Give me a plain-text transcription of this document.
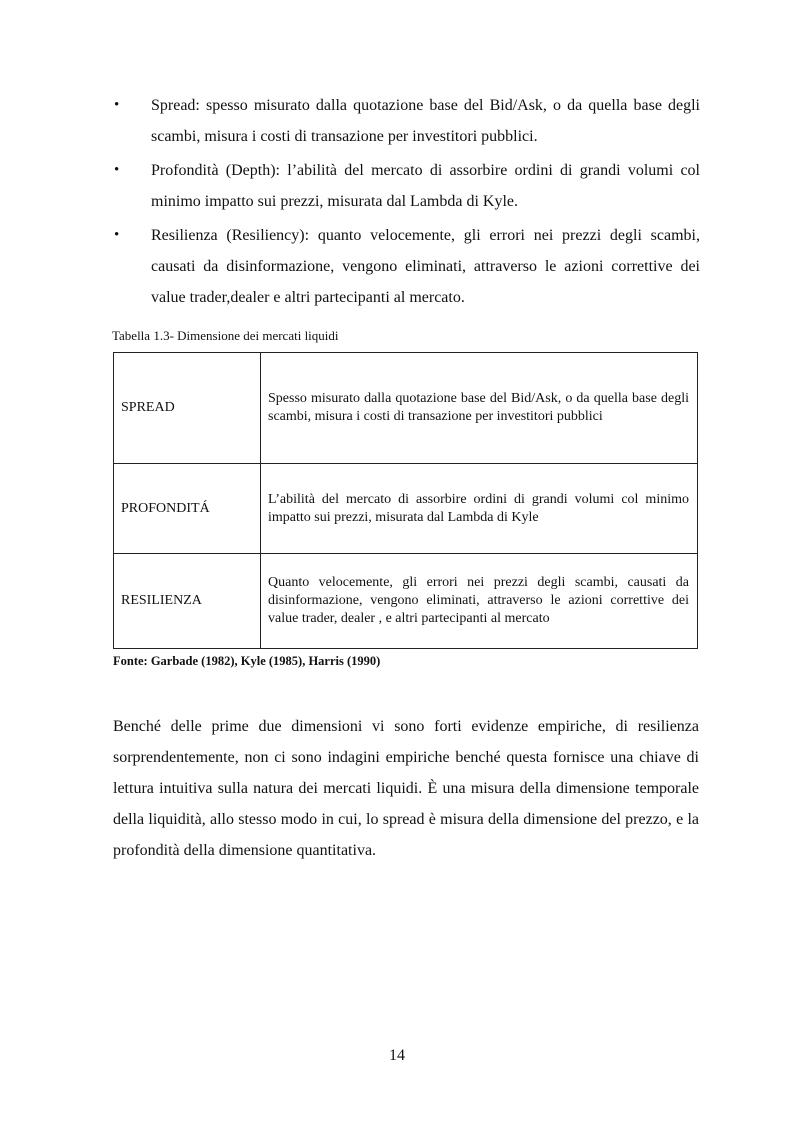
• Spread: spesso misurato dalla quotazione base del Bid/Ask, o da quella base degli scambi, misura i costi di transazione per investitori pubblici.
• Profondità (Depth): l’abilità del mercato di assorbire ordini di grandi volumi col minimo impatto sui prezzi, misurata dal Lambda di Kyle.
• Resilienza (Resiliency): quanto velocemente, gli errori nei prezzi degli scambi, causati da disinformazione, vengono eliminati, attraverso le azioni correttive dei value trader,dealer e altri partecipanti al mercato.
Tabella 1.3- Dimensione dei mercati liquidi
SPREAD	Spesso misurato dalla quotazione base del Bid/Ask, o da quella base degli scambi, misura i costi di transazione per investitori pubblici
PROFONDITÁ	L’abilità del mercato di assorbire ordini di grandi volumi col minimo impatto sui prezzi, misurata dal Lambda di Kyle
RESILIENZA	Quanto velocemente, gli errori nei prezzi degli scambi, causati da disinformazione, vengono eliminati, attraverso le azioni correttive dei value trader, dealer , e altri partecipanti al mercato
Fonte: Garbade (1982), Kyle (1985), Harris (1990)

Benché delle prime due dimensioni vi sono forti evidenze empiriche, di resilienza sorprendentemente, non ci sono indagini empiriche benché questa fornisce una chiave di lettura intuitiva sulla natura dei mercati liquidi. È una misura della dimensione temporale della liquidità, allo stesso modo in cui, lo spread è misura della dimensione del prezzo, e la profondità della dimensione quantitativa.

14
